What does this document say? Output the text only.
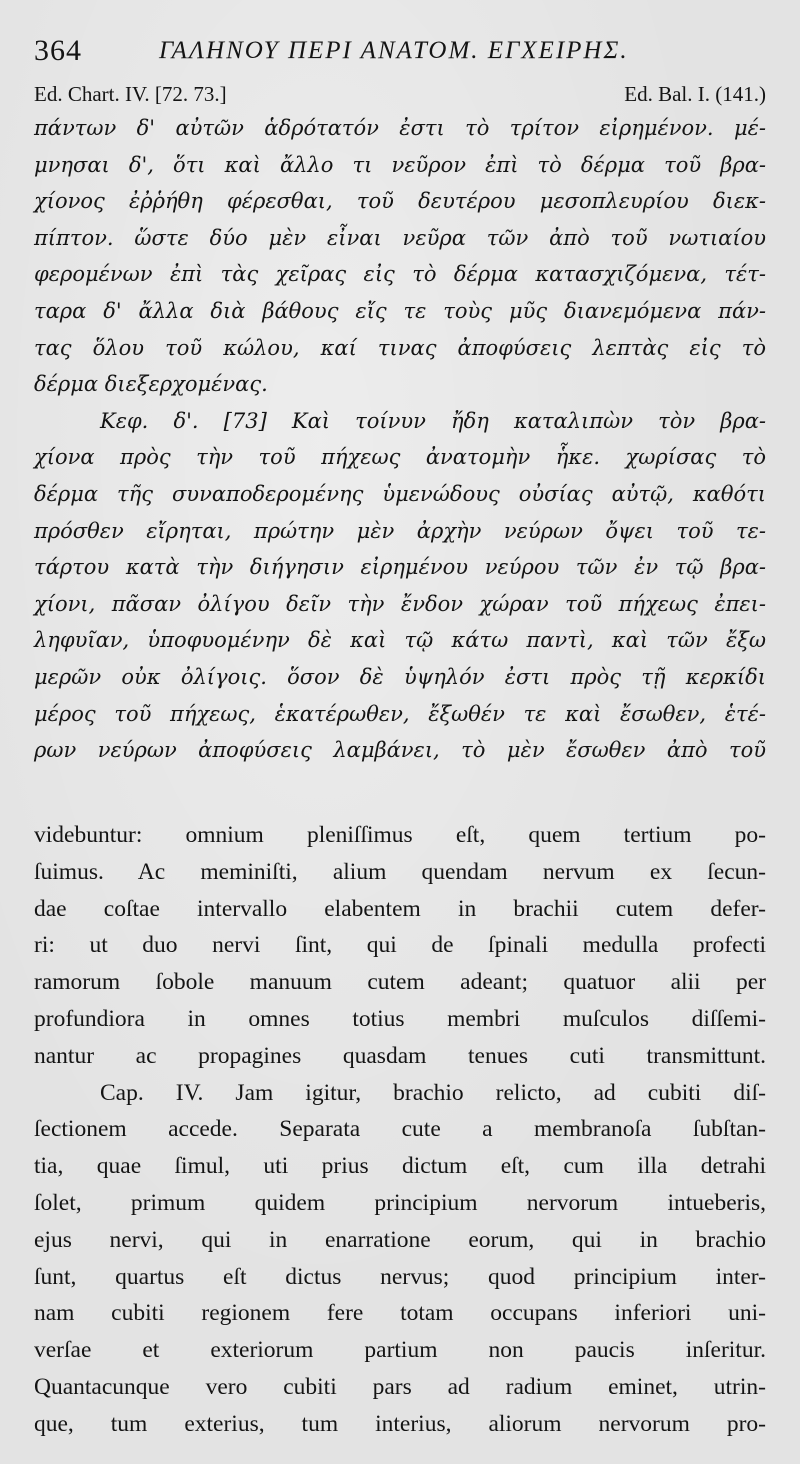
364	ΓΑΛΗΝΟΥ ΠΕΡΙ ΑΝΑΤΟΜ. ΕΓΧΕΙΡΗΣ.
Ed. Chart. IV. [72. 73.]	Ed. Bal. I. (141.)
πάντων δ' αὐτῶν ἁδρότατόν ἐστι τὸ τρίτον εἰρημένον. μέ-
μνησαι δ', ὅτι καὶ ἄλλο τι νεῦρον ἐπὶ τὸ δέρμα τοῦ βρα-
χίονος ἐῤῥήθη φέρεσθαι, τοῦ δευτέρου μεσοπλευρίου διεκ-
πίπτον. ὥστε δύο μὲν εἶναι νεῦρα τῶν ἀπὸ τοῦ νωτιαίου
φερομένων ἐπὶ τὰς χεῖρας εἰς τὸ δέρμα κατασχιζόμενα, τέτ-
ταρα δ' ἄλλα διὰ βάθους εἴς τε τοὺς μῦς διανεμόμενα πάν-
τας ὅλου τοῦ κώλου, καί τινας ἀποφύσεις λεπτὰς εἰς τὸ
δέρμα διεξερχομένας.
Κεφ. δ'. [73] Καὶ τοίνυν ἤδη καταλιπὼν τὸν βρα-
χίονα πρὸς τὴν τοῦ πήχεως ἀνατομὴν ἧκε. χωρίσας τὸ
δέρμα τῆς συναποδερομένης ὑμενώδους οὐσίας αὐτῷ, καθότι
πρόσθεν εἴρηται, πρώτην μὲν ἀρχὴν νεύρων ὄψει τοῦ τε-
τάρτου κατὰ τὴν διήγησιν εἰρημένου νεύρου τῶν ἐν τῷ βρα-
χίονι, πᾶσαν ὀλίγου δεῖν τὴν ἔνδον χώραν τοῦ πήχεως ἐπει-
ληφυῖαν, ὑποφυομένην δὲ καὶ τῷ κάτω παντὶ, καὶ τῶν ἔξω
μερῶν οὐκ ὀλίγοις. ὅσον δὲ ὑψηλόν ἐστι πρὸς τῇ κερκίδι
μέρος τοῦ πήχεως, ἑκατέρωθεν, ἔξωθέν τε καὶ ἔσωθεν, ἑτέ-
ρων νεύρων ἀποφύσεις λαμβάνει, τὸ μὲν ἔσωθεν ἀπὸ τοῦ
videbuntur: omnium pleniſſimus eſt, quem tertium po-
ſuimus. Ac meminiſti, alium quendam nervum ex ſecun-
dae coſtae intervallo elabentem in brachii cutem defer-
ri: ut duo nervi ſint, qui de ſpinali medulla profecti
ramorum ſobole manuum cutem adeant; quatuor alii per
profundiora in omnes totius membri muſculos diſſemi-
nantur ac propagines quasdam tenues cuti transmittunt.
Cap. IV. Jam igitur, brachio relicto, ad cubiti diſ-
ſectionem accede. Separata cute a membranoſa ſubſtan-
tia, quae ſimul, uti prius dictum eſt, cum illa detrahi
ſolet, primum quidem principium nervorum intueberis,
ejus nervi, qui in enarratione eorum, qui in brachio
ſunt, quartus eſt dictus nervus; quod principium inter-
nam cubiti regionem fere totam occupans inferiori uni-
verſae et exteriorum partium non paucis inſeritur.
Quantacunque vero cubiti pars ad radium eminet, utrin-
que, tum exterius, tum interius, aliorum nervorum pro-
